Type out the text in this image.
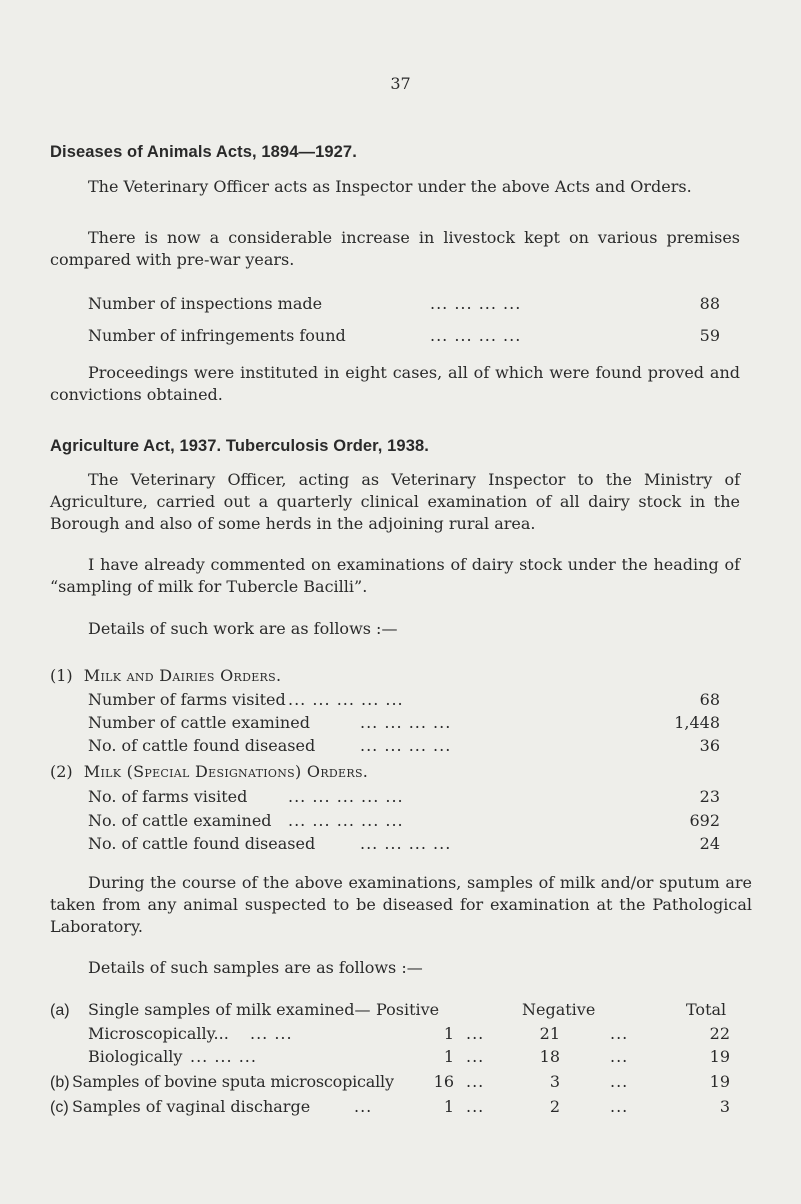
37
Diseases of Animals Acts, 1894—1927.
The Veterinary Officer acts as Inspector under the above Acts and Orders.
There is now a considerable increase in livestock kept on various premises compared with pre-war years.
Number of inspections made	... ... ... ...	88
Number of infringements found	... ... ... ...	59
Proceedings were instituted in eight cases, all of which were found proved and convictions obtained.
Agriculture Act, 1937. Tuberculosis Order, 1938.
The Veterinary Officer, acting as Veterinary Inspector to the Ministry of Agriculture, carried out a quarterly clinical examination of all dairy stock in the Borough and also of some herds in the adjoining rural area.
I have already commented on examinations of dairy stock under the heading of “sampling of milk for Tubercle Bacilli”.
Details of such work are as follows :—
(1) Milk and Dairies Orders.
Number of farms visited ... ... ... ... ...	68
Number of cattle examined	... ... ... ...	1,448
No. of cattle found diseased	... ... ... ...	36
(2) Milk (Special Designations) Orders.
No. of farms visited	... ... ... ... ...	23
No. of cattle examined ... ... ... ... ...	692
No. of cattle found diseased	... ... ... ...	24
During the course of the above examinations, samples of milk and/or sputum are taken from any animal suspected to be diseased for examination at the Pathological Laboratory.
Details of such samples are as follows :—
(a) Single samples of milk examined— Positive	Negative	Total
Microscopically... ... ...	1 ...	21	...	22
Biologically ... ... ...	1 ...	18	...	19
(b) Samples of bovine sputa microscopically 16 ...	3	...	19
(c) Samples of vaginal discharge	...	1 ...	2	...	3
